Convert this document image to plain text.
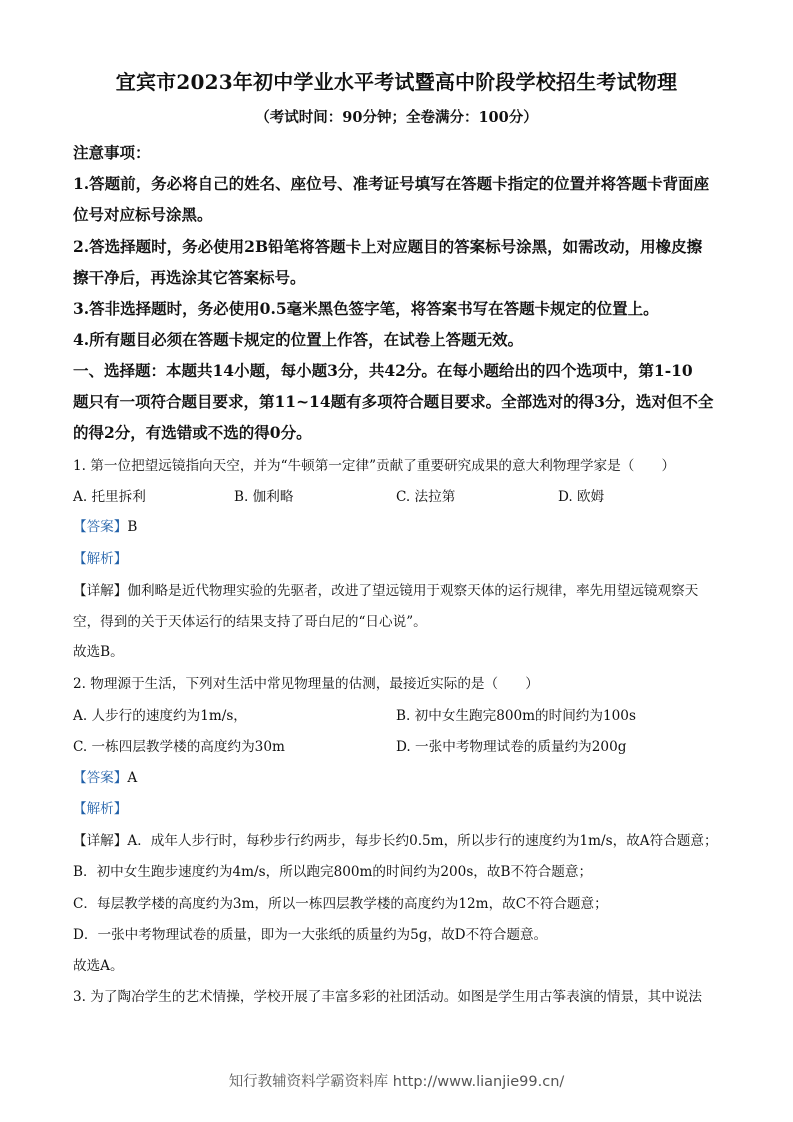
宜宾市2023年初中学业水平考试暨高中阶段学校招生考试物理
（考试时间：90分钟；全卷满分：100分）
注意事项：
1.答题前，务必将自己的姓名、座位号、准考证号填写在答题卡指定的位置并将答题卡背面座
位号对应标号涂黑。
2.答选择题时，务必使用2B铅笔将答题卡上对应题目的答案标号涂黑，如需改动，用橡皮擦
擦干净后，再选涂其它答案标号。
3.答非选择题时，务必使用0.5毫米黑色签字笔，将答案书写在答题卡规定的位置上。
4.所有题目必须在答题卡规定的位置上作答，在试卷上答题无效。
一、选择题：本题共14小题，每小题3分，共42分。在每小题给出的四个选项中，第1-10
题只有一项符合题目要求，第11~14题有多项符合题目要求。全部选对的得3分，选对但不全
的得2分，有选错或不选的得0分。
1. 第一位把望远镜指向天空，并为“牛顿第一定律”贡献了重要研究成果的意大利物理学家是（　　）
A. 托里拆利	B. 伽利略	C. 法拉第	D. 欧姆
【答案】B
【解析】
【详解】伽利略是近代物理实验的先驱者，改进了望远镜用于观察天体的运行规律，率先用望远镜观察天
空，得到的关于天体运行的结果支持了哥白尼的“日心说”。
故选B。
2. 物理源于生活，下列对生活中常见物理量的估测，最接近实际的是（　　）
A. 人步行的速度约为1m/s，	B. 初中女生跑完800m的时间约为100s
C. 一栋四层教学楼的高度约为30m	D. 一张中考物理试卷的质量约为200g
【答案】A
【解析】
【详解】A．成年人步行时，每秒步行约两步，每步长约0.5m，所以步行的速度约为1m/s，故A符合题意；
B．初中女生跑步速度约为4m/s，所以跑完800m的时间约为200s，故B不符合题意；
C．每层教学楼的高度约为3m，所以一栋四层教学楼的高度约为12m，故C不符合题意；
D．一张中考物理试卷的质量，即为一大张纸的质量约为5g，故D不符合题意。
故选A。
3. 为了陶冶学生的艺术情操，学校开展了丰富多彩的社团活动。如图是学生用古筝表演的情景，其中说法
知行教辅资料学霸资料库 http://www.lianjie99.cn/
